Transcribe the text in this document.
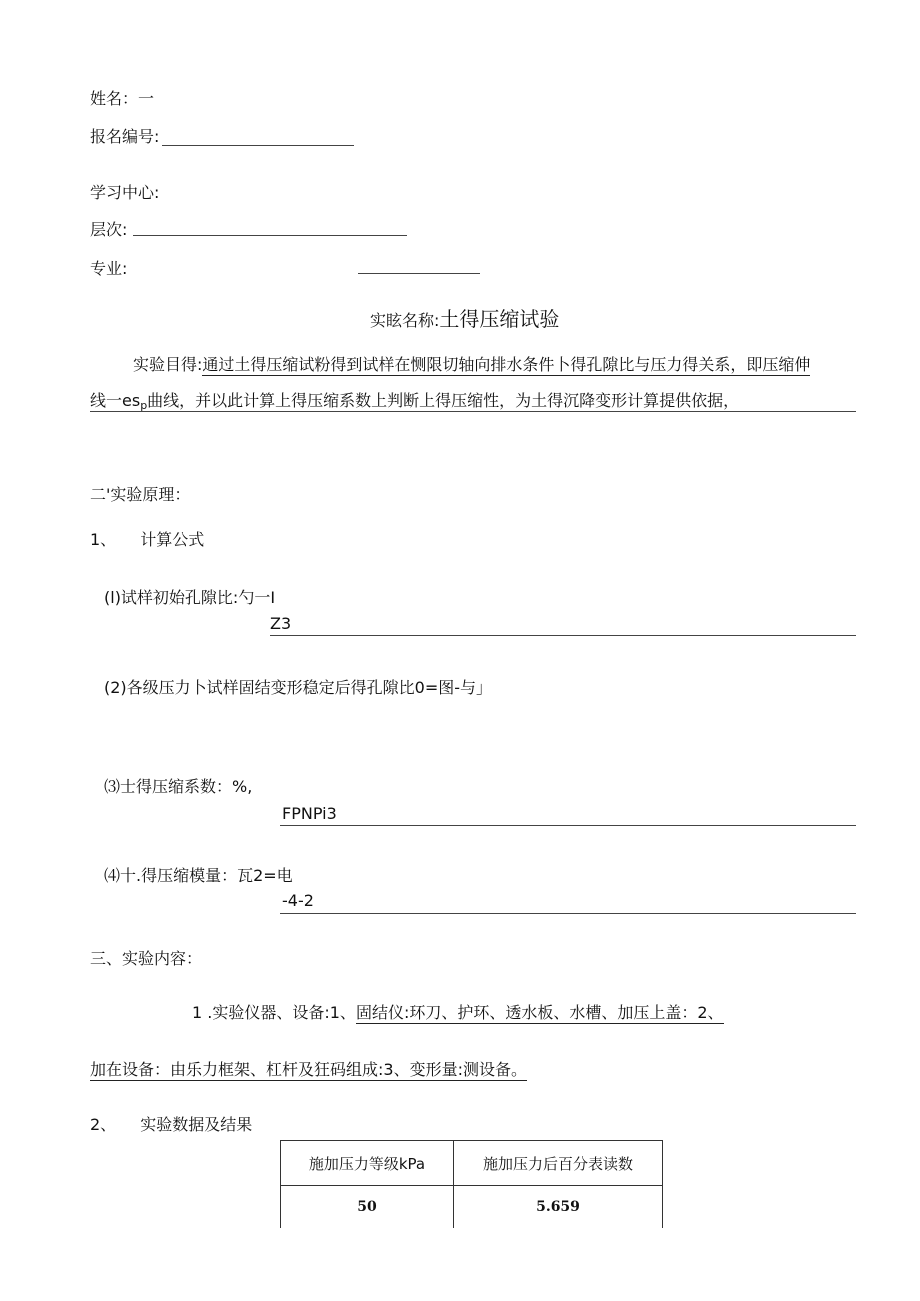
姓名：一
报名编号:
学习中心:
层次:
专业:
实眩名称:土得压缩试验
实验目得:通过土得压缩试粉得到试样在恻限切轴向排水条件卜得孔隙比与压力得关系，即压缩伸
线一$es_p$曲线，并以此计算上得压缩系数上判断上得压缩性，为土得沉降变形计算提供依据，
二'实验原理：
1、 计算公式
(l)试样初始孔隙比:勺一I
Z3
(2)各级压力卜试样固结变形稳定后得孔隙比0=图-与」
⑶士得压缩系数：%,
FPNPi3
⑷十.得压缩模量：瓦2=电
-4-2
三、实验内容：
1 .实验仪器、设备:1、固结仪:环刀、护环、透水板、水槽、加压上盖：2、
加在设备：由乐力框架、杠杆及狂码组成:3、变形量:测设备。
2、 实验数据及结果
施加压力等级kPa	施加压力后百分表读数
50	5.659
